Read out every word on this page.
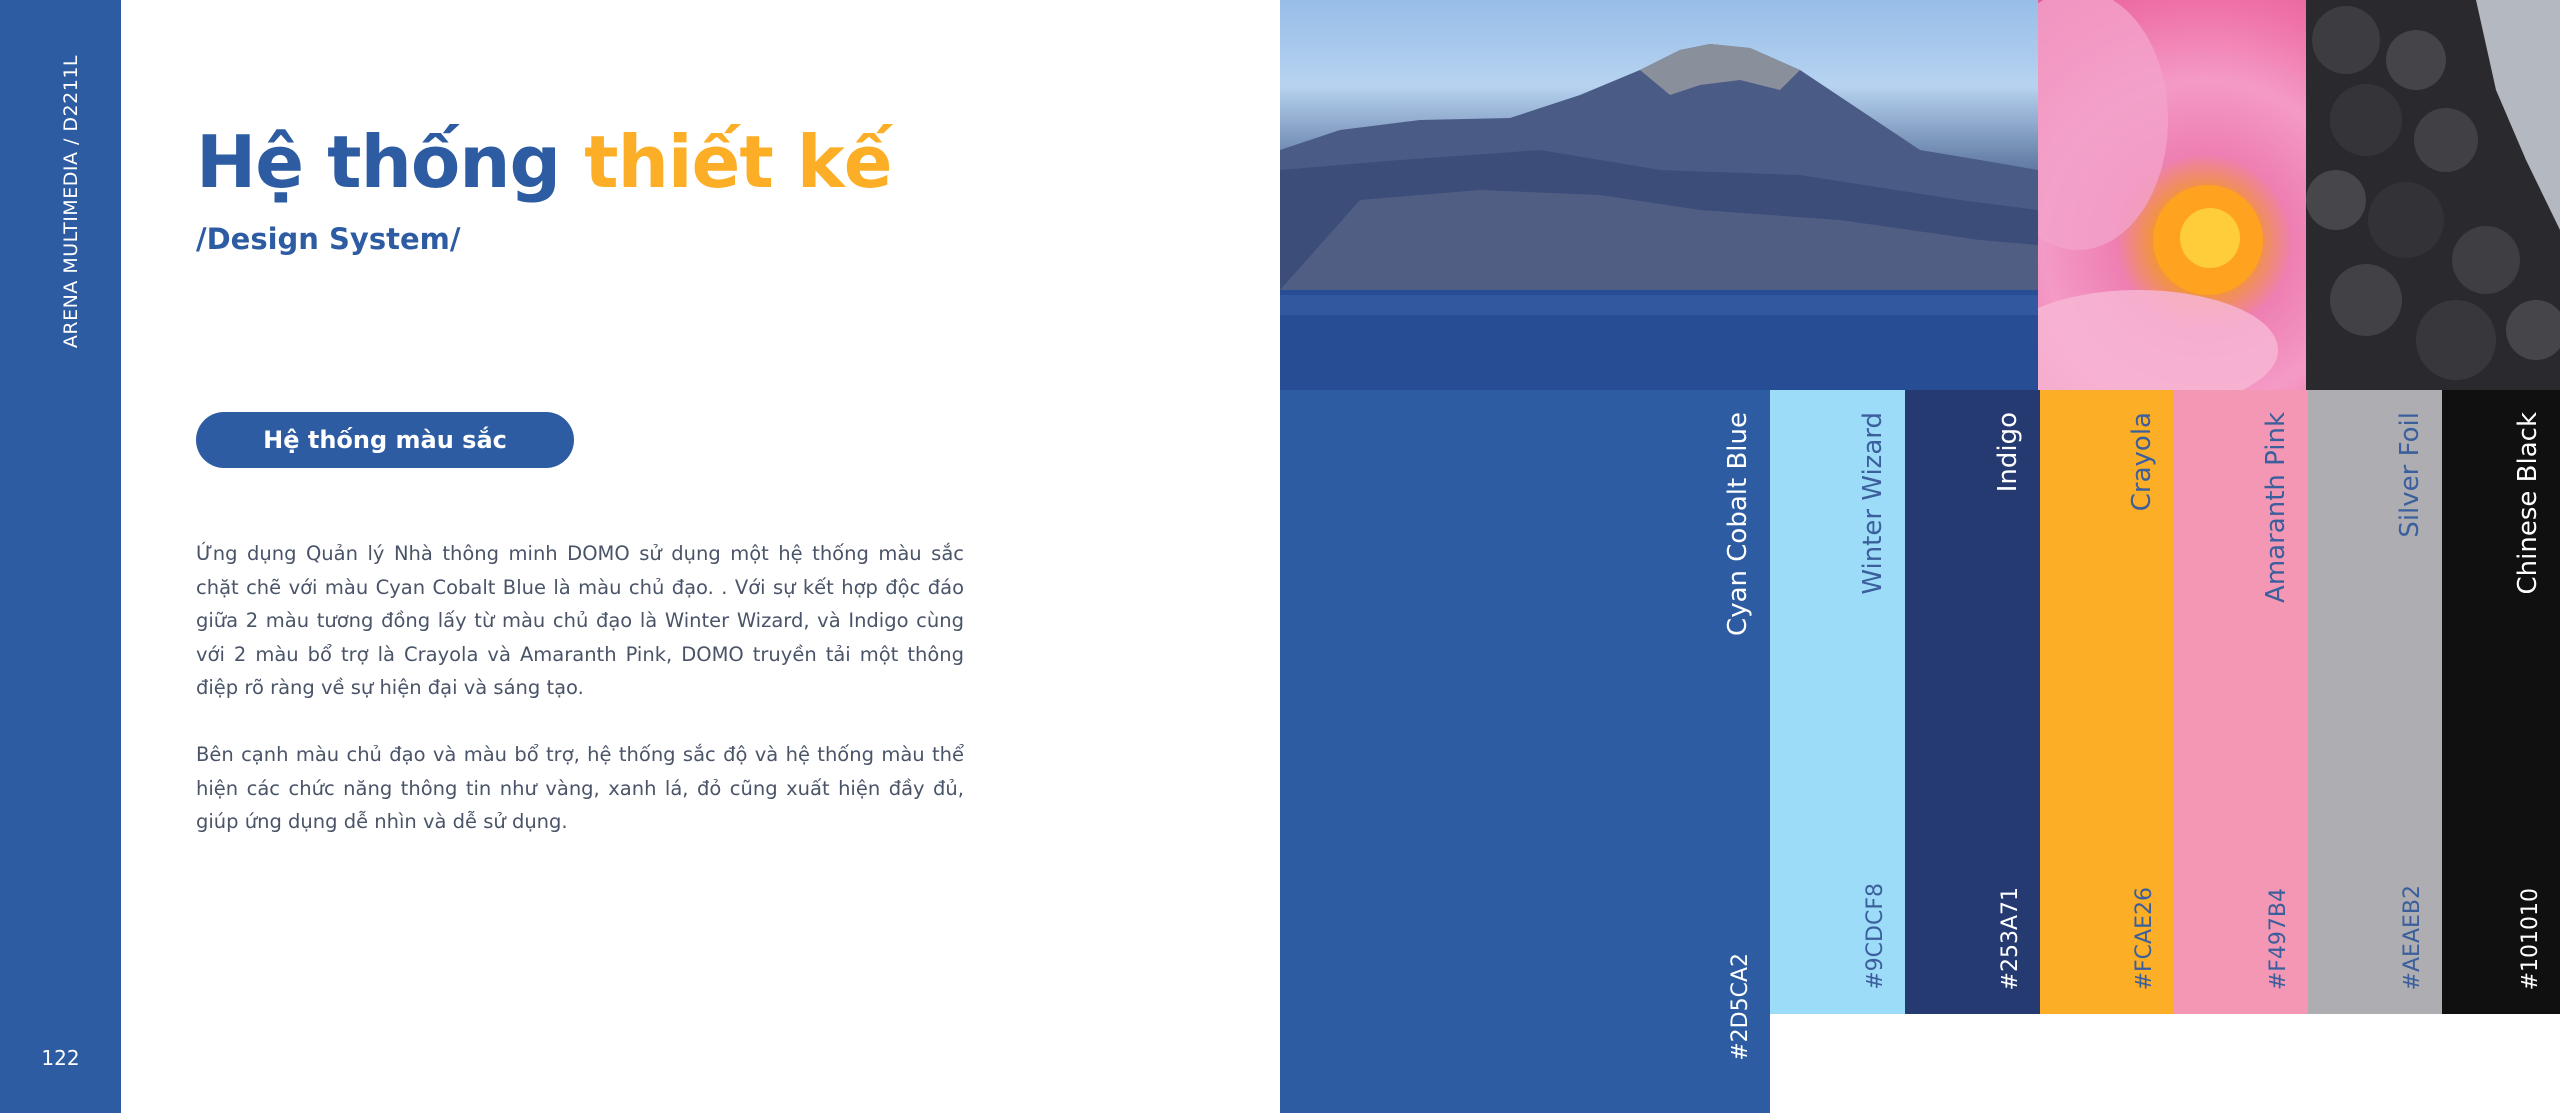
ARENA MULTIMEDIA / D2211L
122
Hệ thống thiết kế
/Design System/
Hệ thống màu sắc

Ứng dụng Quản lý Nhà thông minh DOMO sử dụng một hệ thống màu sắc chặt chẽ với màu Cyan Cobalt Blue là màu chủ đạo. . Với sự kết hợp độc đáo giữa 2 màu tương đồng lấy từ màu chủ đạo là Winter Wizard, và Indigo cùng với 2 màu bổ trợ là Crayola và Amaranth Pink, DOMO truyền tải một thông điệp rõ ràng về sự hiện đại và sáng tạo.

Bên cạnh màu chủ đạo và màu bổ trợ, hệ thống sắc độ và hệ thống màu thể hiện các chức năng thông tin như vàng, xanh lá, đỏ cũng xuất hiện đầy đủ, giúp ứng dụng dễ nhìn và dễ sử dụng.

Cyan Cobalt Blue
#2D5CA2
Winter Wizard
#9CDCF8
Indigo
#253A71
Crayola
#FCAE26
Amaranth Pink
#F497B4
Silver Foil
#AEAEB2
Chinese Black
#101010
